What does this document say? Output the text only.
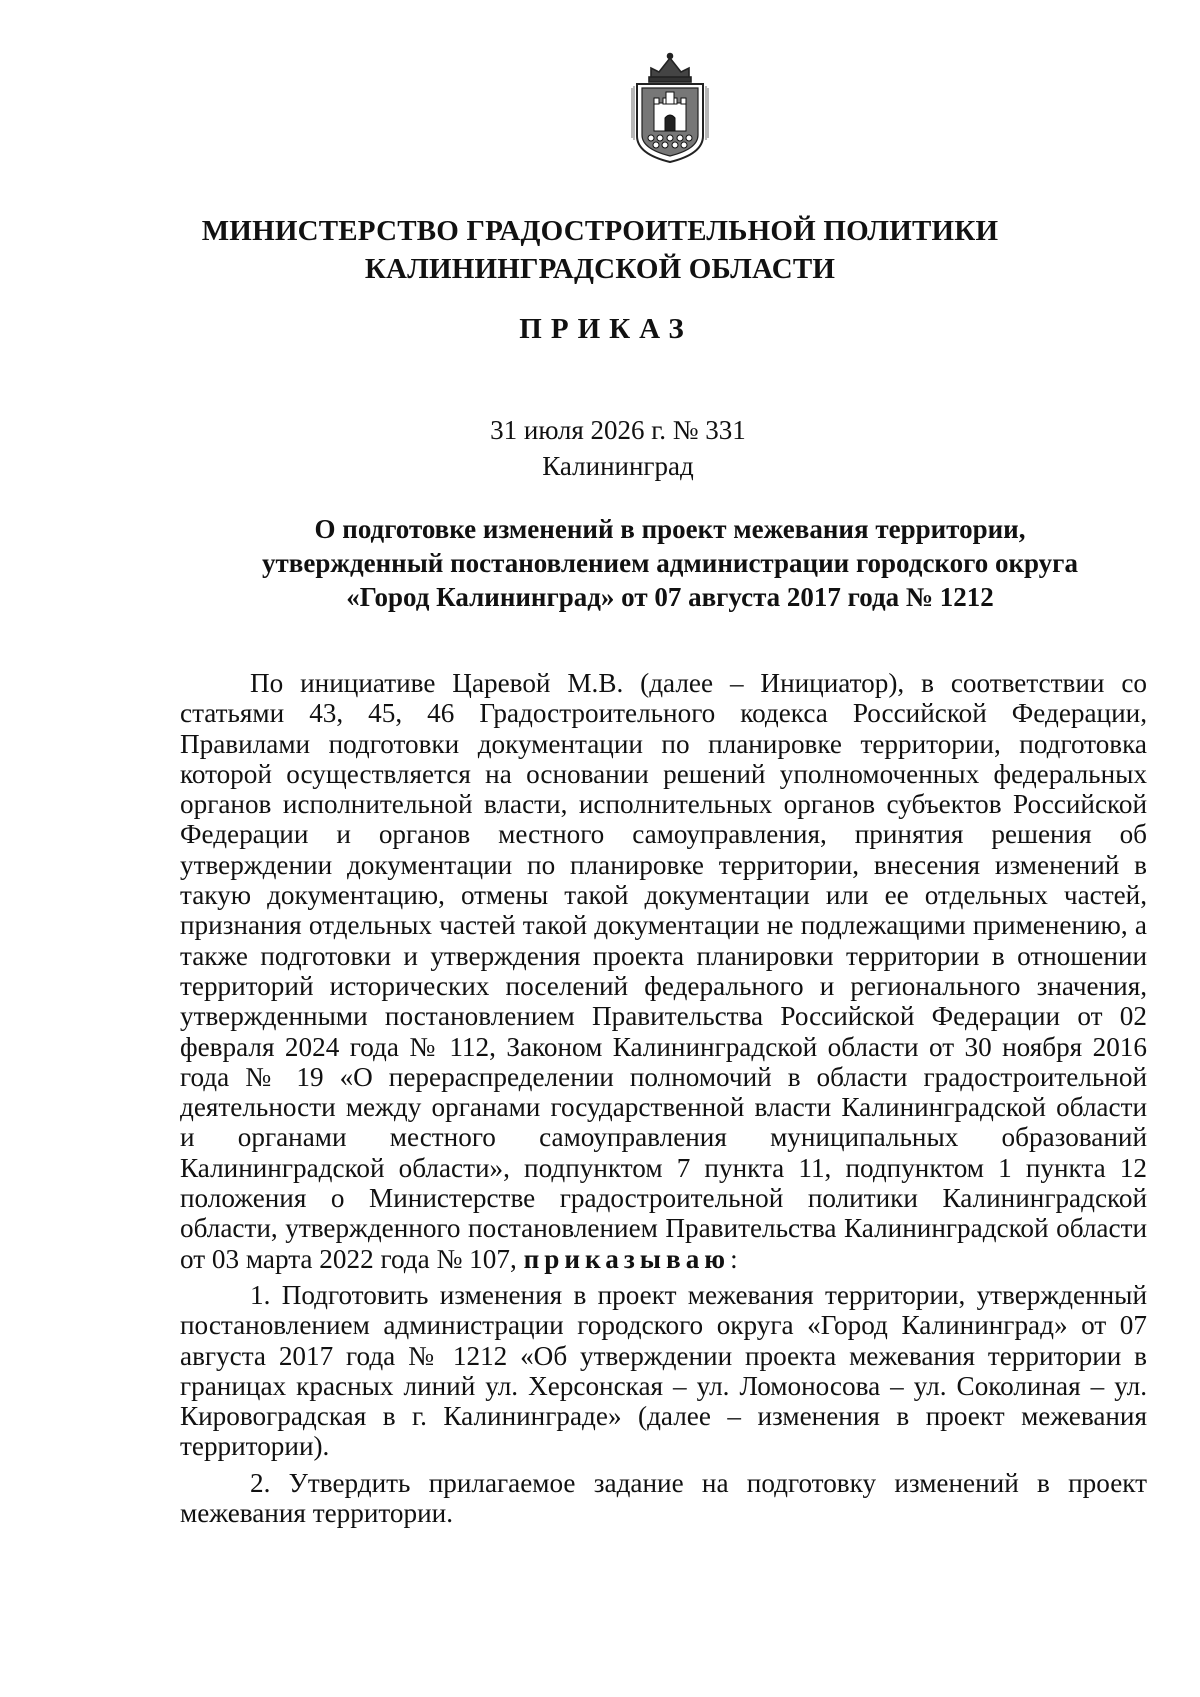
МИНИСТЕРСТВО ГРАДОСТРОИТЕЛЬНОЙ ПОЛИТИКИ
КАЛИНИНГРАДСКОЙ ОБЛАСТИ
ПРИКАЗ
31 июля 2026 г. № 331
Калининград
О подготовке изменений в проект межевания территории,
утвержденный постановлением администрации городского округа
«Город Калининград» от 07 августа 2017 года № 1212

По инициативе Царевой М.В. (далее – Инициатор), в соответствии со статьями 43, 45, 46 Градостроительного кодекса Российской Федерации, Правилами подготовки документации по планировке территории, подготовка которой осуществляется на основании решений уполномоченных федеральных органов исполнительной власти, исполнительных органов субъектов Российской Федерации и органов местного самоуправления, принятия решения об утверждении документации по планировке территории, внесения изменений в такую документацию, отмены такой документации или ее отдельных частей, признания отдельных частей такой документации не подлежащими применению, а также подготовки и утверждения проекта планировки территории в отношении территорий исторических поселений федерального и регионального значения, утвержденными постановлением Правительства Российской Федерации от 02 февраля 2024 года № 112, Законом Калининградской области от 30 ноября 2016 года № 19 «О перераспределении полномочий в области градостроительной деятельности между органами государственной власти Калининградской области и органами местного самоуправления муниципальных образований Калининградской области», подпунктом 7 пункта 11, подпунктом 1 пункта 12 положения о Министерстве градостроительной политики Калининградской области, утвержденного постановлением Правительства Калининградской области от 03 марта 2022 года № 107, приказываю:

1. Подготовить изменения в проект межевания территории, утвержденный постановлением администрации городского округа «Город Калининград» от 07 августа 2017 года № 1212 «Об утверждении проекта межевания территории в границах красных линий ул. Херсонская – ул. Ломоносова – ул. Соколиная – ул. Кировоградская в г. Калининграде» (далее – изменения в проект межевания территории).

2. Утвердить прилагаемое задание на подготовку изменений в проект межевания территории.
